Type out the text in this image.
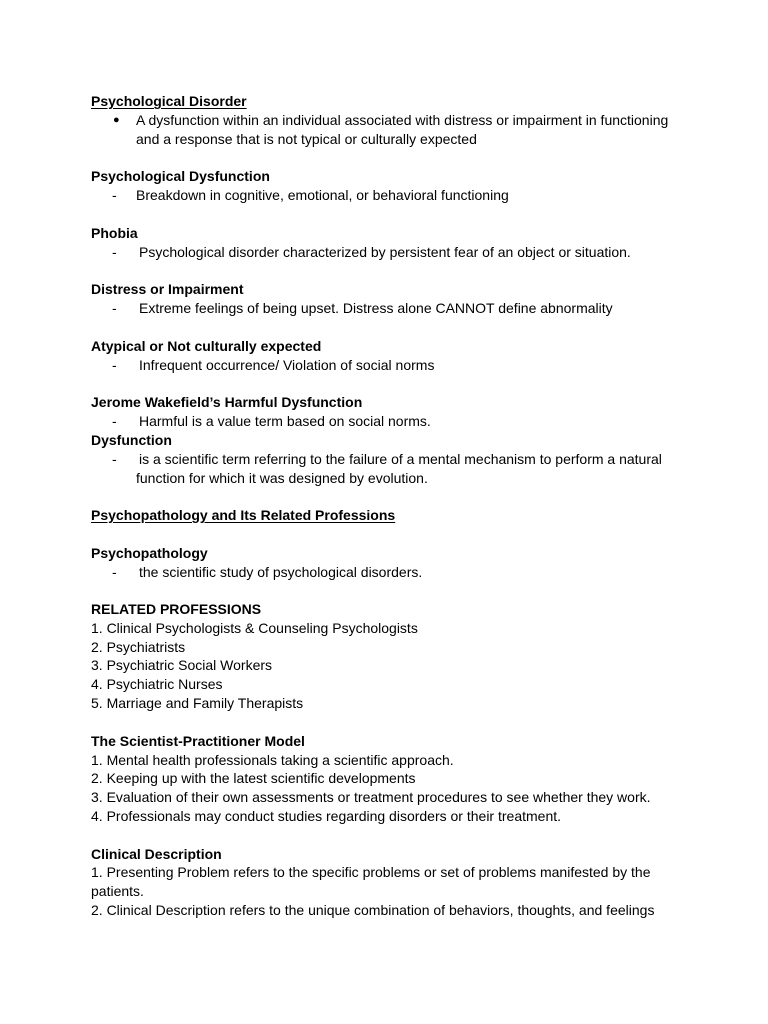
Psychological Disorder
● A dysfunction within an individual associated with distress or impairment in functioning
and a response that is not typical or culturally expected
Psychological Dysfunction
- Breakdown in cognitive, emotional, or behavioral functioning
Phobia
- Psychological disorder characterized by persistent fear of an object or situation.
Distress or Impairment
- Extreme feelings of being upset. Distress alone CANNOT define abnormality
Atypical or Not culturally expected
- Infrequent occurrence/ Violation of social norms
Jerome Wakefield’s Harmful Dysfunction
- Harmful is a value term based on social norms.
Dysfunction
- is a scientific term referring to the failure of a mental mechanism to perform a natural
function for which it was designed by evolution.
Psychopathology and Its Related Professions
Psychopathology
- the scientific study of psychological disorders.
RELATED PROFESSIONS
1. Clinical Psychologists & Counseling Psychologists
2. Psychiatrists
3. Psychiatric Social Workers
4. Psychiatric Nurses
5. Marriage and Family Therapists
The Scientist-Practitioner Model
1. Mental health professionals taking a scientific approach.
2. Keeping up with the latest scientific developments
3. Evaluation of their own assessments or treatment procedures to see whether they work.
4. Professionals may conduct studies regarding disorders or their treatment.
Clinical Description
1. Presenting Problem refers to the specific problems or set of problems manifested by the
patients.
2. Clinical Description refers to the unique combination of behaviors, thoughts, and feelings
